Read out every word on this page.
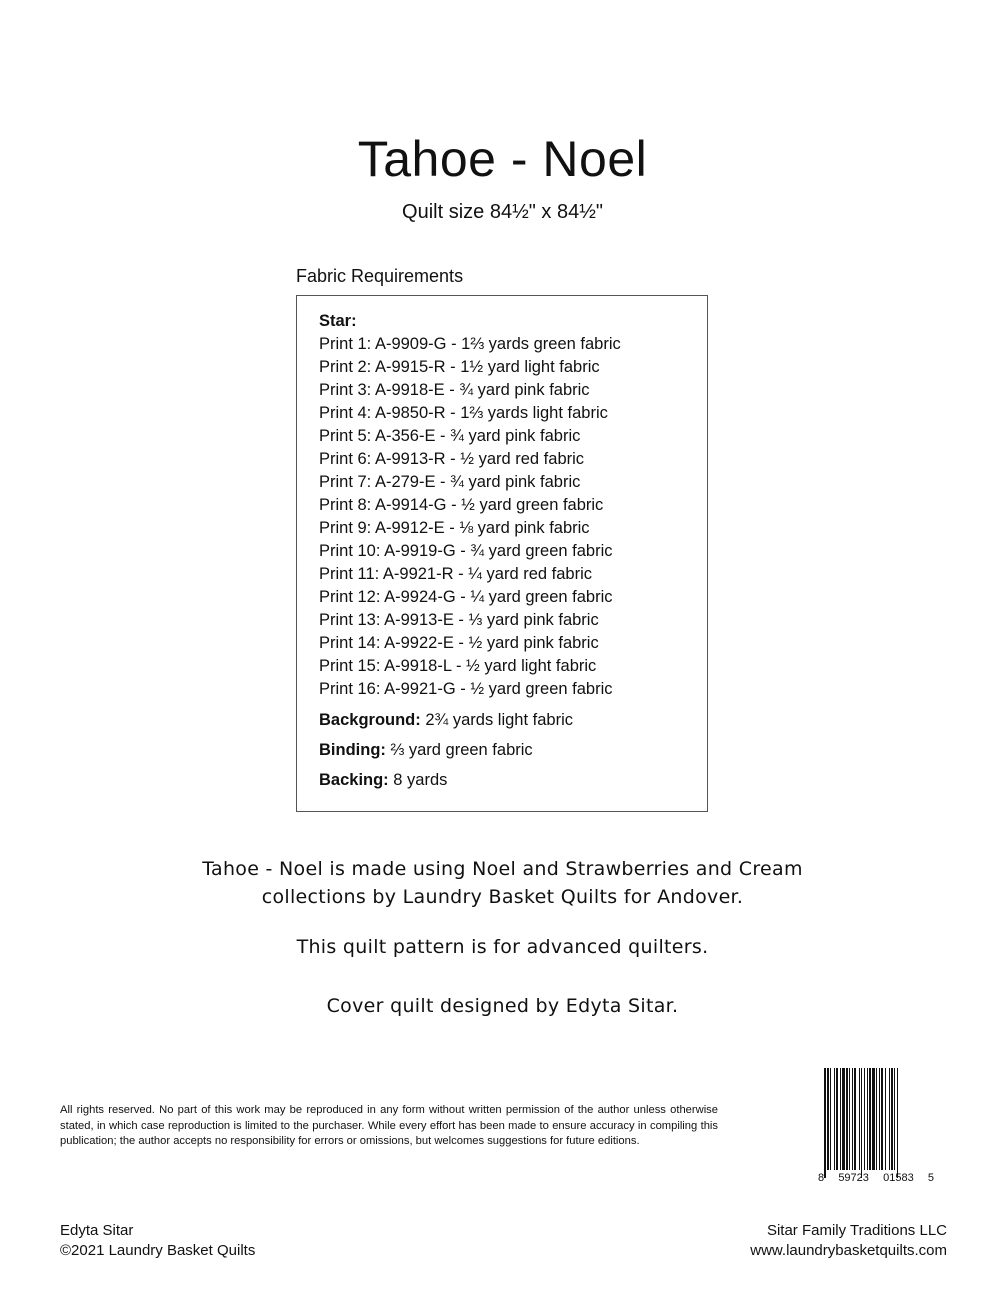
Tahoe - Noel
Quilt size 84½" x 84½"
Fabric Requirements
Star:
Print 1: A-9909-G - 1⅔ yards green fabric
Print 2: A-9915-R - 1½ yard light fabric
Print 3: A-9918-E - ¾ yard pink fabric
Print 4: A-9850-R - 1⅔ yards light fabric
Print 5: A-356-E - ¾ yard pink fabric
Print 6: A-9913-R - ½ yard red fabric
Print 7: A-279-E - ¾ yard pink fabric
Print 8: A-9914-G - ½ yard green fabric
Print 9: A-9912-E - ⅛ yard pink fabric
Print 10: A-9919-G - ¾ yard green fabric
Print 11: A-9921-R - ¼ yard red fabric
Print 12: A-9924-G - ¼ yard green fabric
Print 13: A-9913-E - ⅓ yard pink fabric
Print 14: A-9922-E - ½ yard pink fabric
Print 15: A-9918-L - ½ yard light fabric
Print 16: A-9921-G - ½ yard green fabric
Background: 2¾ yards light fabric
Binding: ⅔ yard green fabric
Backing: 8 yards
Tahoe - Noel is made using Noel and Strawberries and Cream
collections by Laundry Basket Quilts for Andover.
This quilt pattern is for advanced quilters.
Cover quilt designed by Edyta Sitar.
All rights reserved. No part of this work may be reproduced in any form without written permission of the author unless otherwise stated, in which case reproduction is limited to the purchaser. While every effort has been made to ensure accuracy in compiling this publication; the author accepts no responsibility for errors or omissions, but welcomes suggestions for future editions.
8 59723 01583 5
Edyta Sitar
©2021 Laundry Basket Quilts
Sitar Family Traditions LLC
www.laundrybasketquilts.com
